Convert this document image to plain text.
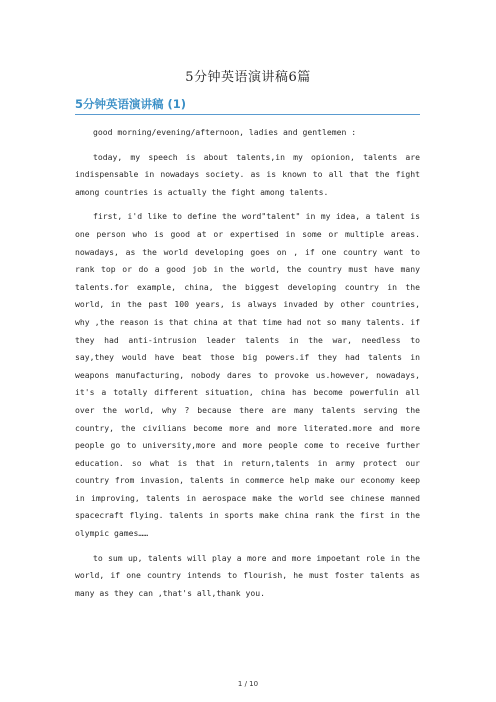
5分钟英语演讲稿6篇
5分钟英语演讲稿 (1)

good morning/evening/afternoon, ladies and gentlemen :

today, my speech is about talents,in my opionion, talents are indispensable in nowadays society. as is known to all that the fight among countries is actually the fight among talents.

first, i'd like to define the word"talent" in my idea, a talent is one person who is good at or expertised in some or multiple areas. nowadays, as the world developing goes on , if one country want to rank top or do a good job in the world, the country must have many talents.for example, china, the biggest developing country in the world, in the past 100 years, is always invaded by other countries, why ,the reason is that china at that time had not so many talents. if they had anti-intrusion leader talents in the war, needless to say,they would have beat those big powers.if they had talents in weapons manufacturing, nobody dares to provoke us.however, nowadays, it's a totally different situation, china has become powerfulin all over the world, why ? because there are many talents serving the country, the civilians become more and more literated.more and more people go to university,more and more people come to receive further education. so what is that in return,talents in army protect our country from invasion, talents in commerce help make our economy keep in improving, talents in aerospace make the world see chinese manned spacecraft flying. talents in sports make china rank the first in the olympic games……

to sum up, talents will play a more and more impoetant role in the world, if one country intends to flourish, he must foster talents as many as they can ,that's all,thank you.

1 / 10
